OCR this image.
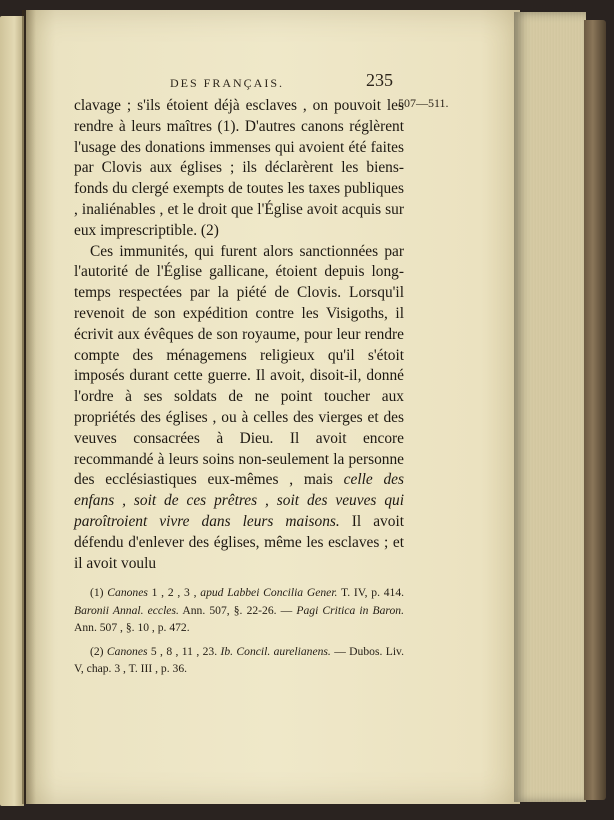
DES FRANÇAIS.	235
507—511.

clavage ; s'ils étoient déjà esclaves , on pouvoit les rendre à leurs maîtres (1). D'autres canons réglèrent l'usage des donations immenses qui avoient été faites par Clovis aux églises ; ils déclarèrent les biens-fonds du clergé exempts de toutes les taxes publiques , inaliénables , et le droit que l'Église avoit acquis sur eux imprescriptible. (2)

Ces immunités, qui furent alors sanctionnées par l'autorité de l'Église gallicane, étoient depuis long-temps respectées par la piété de Clovis. Lorsqu'il revenoit de son expédition contre les Visigoths, il écrivit aux évêques de son royaume, pour leur rendre compte des ménagemens religieux qu'il s'étoit imposés durant cette guerre. Il avoit, disoit-il, donné l'ordre à ses soldats de ne point toucher aux propriétés des églises , ou à celles des vierges et des veuves consacrées à Dieu. Il avoit encore recommandé à leurs soins non-seulement la personne des ecclésiastiques eux-mêmes , mais celle des enfans , soit de ces prêtres , soit des veuves qui paroîtroient vivre dans leurs maisons. Il avoit défendu d'enlever des églises, même les esclaves ; et il avoit voulu

(1) Canones 1 , 2 , 3 , apud Labbei Concilia Gener. T. IV, p. 414. Baronii Annal. eccles. Ann. 507, §. 22-26. — Pagi Critica in Baron. Ann. 507 , §. 10 , p. 472.

(2) Canones 5 , 8 , 11 , 23. Ib. Concil. aurelianens. — Dubos. Liv. V, chap. 3 , T. III , p. 36.
